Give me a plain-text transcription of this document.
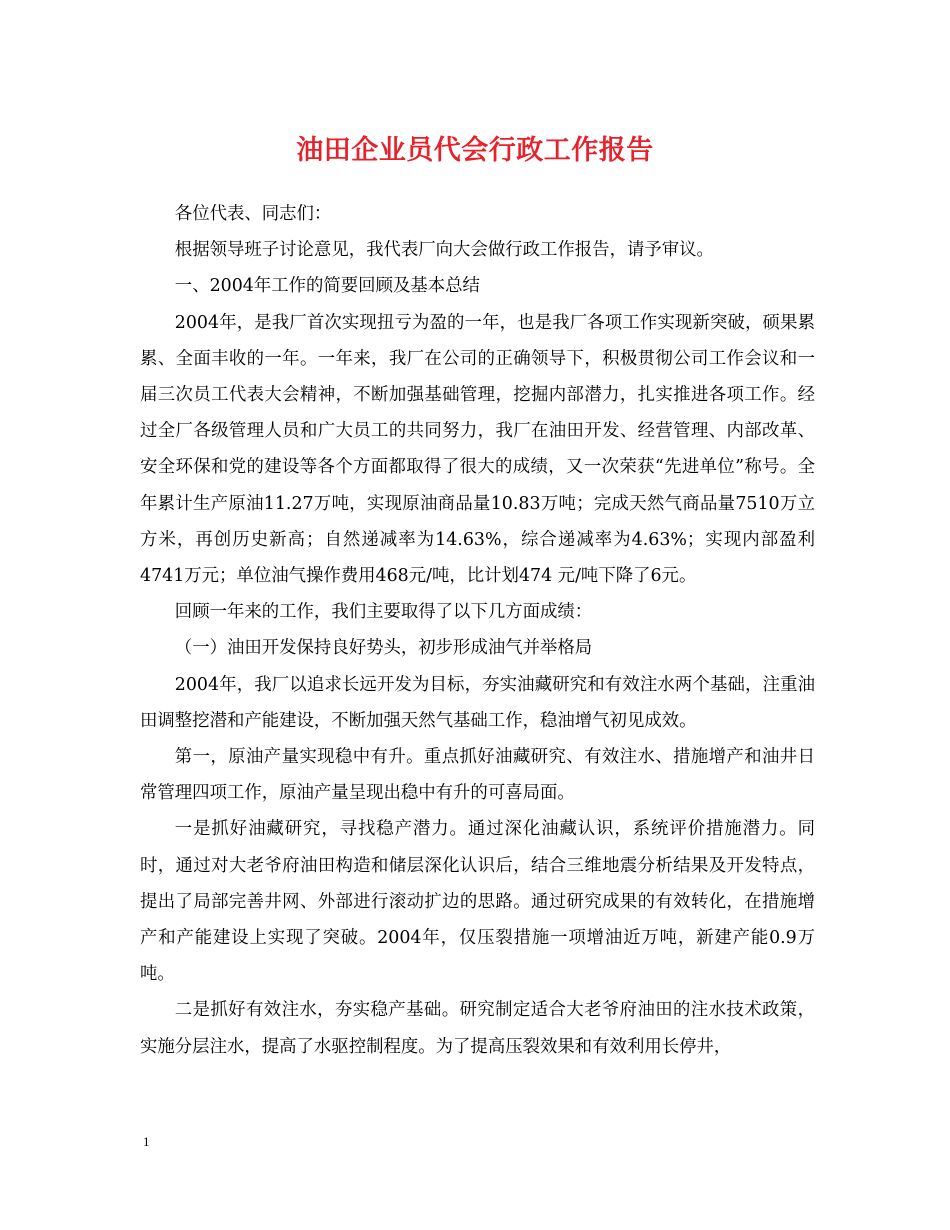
油田企业员代会行政工作报告

各位代表、同志们：

根据领导班子讨论意见，我代表厂向大会做行政工作报告，请予审议。

一、2004年工作的简要回顾及基本总结

2004年，是我厂首次实现扭亏为盈的一年，也是我厂各项工作实现新突破，硕果累累、全面丰收的一年。一年来，我厂在公司的正确领导下，积极贯彻公司工作会议和一届三次员工代表大会精神，不断加强基础管理，挖掘内部潜力，扎实推进各项工作。经过全厂各级管理人员和广大员工的共同努力，我厂在油田开发、经营管理、内部改革、安全环保和党的建设等各个方面都取得了很大的成绩，又一次荣获“先进单位”称号。全年累计生产原油11.27万吨，实现原油商品量10.83万吨；完成天然气商品量7510万立方米，再创历史新高；自然递减率为14.63%，综合递减率为4.63%；实现内部盈利4741万元；单位油气操作费用468元/吨，比计划474 元/吨下降了6元。

回顾一年来的工作，我们主要取得了以下几方面成绩：

（一）油田开发保持良好势头，初步形成油气并举格局

2004年，我厂以追求长远开发为目标，夯实油藏研究和有效注水两个基础，注重油田调整挖潜和产能建设，不断加强天然气基础工作，稳油增气初见成效。

第一，原油产量实现稳中有升。重点抓好油藏研究、有效注水、措施增产和油井日常管理四项工作，原油产量呈现出稳中有升的可喜局面。

一是抓好油藏研究，寻找稳产潜力。通过深化油藏认识，系统评价措施潜力。同时，通过对大老爷府油田构造和储层深化认识后，结合三维地震分析结果及开发特点，提出了局部完善井网、外部进行滚动扩边的思路。通过研究成果的有效转化，在措施增产和产能建设上实现了突破。2004年，仅压裂措施一项增油近万吨，新建产能0.9万吨。

二是抓好有效注水，夯实稳产基础。研究制定适合大老爷府油田的注水技术政策，实施分层注水，提高了水驱控制程度。为了提高压裂效果和有效利用长停井，

1
